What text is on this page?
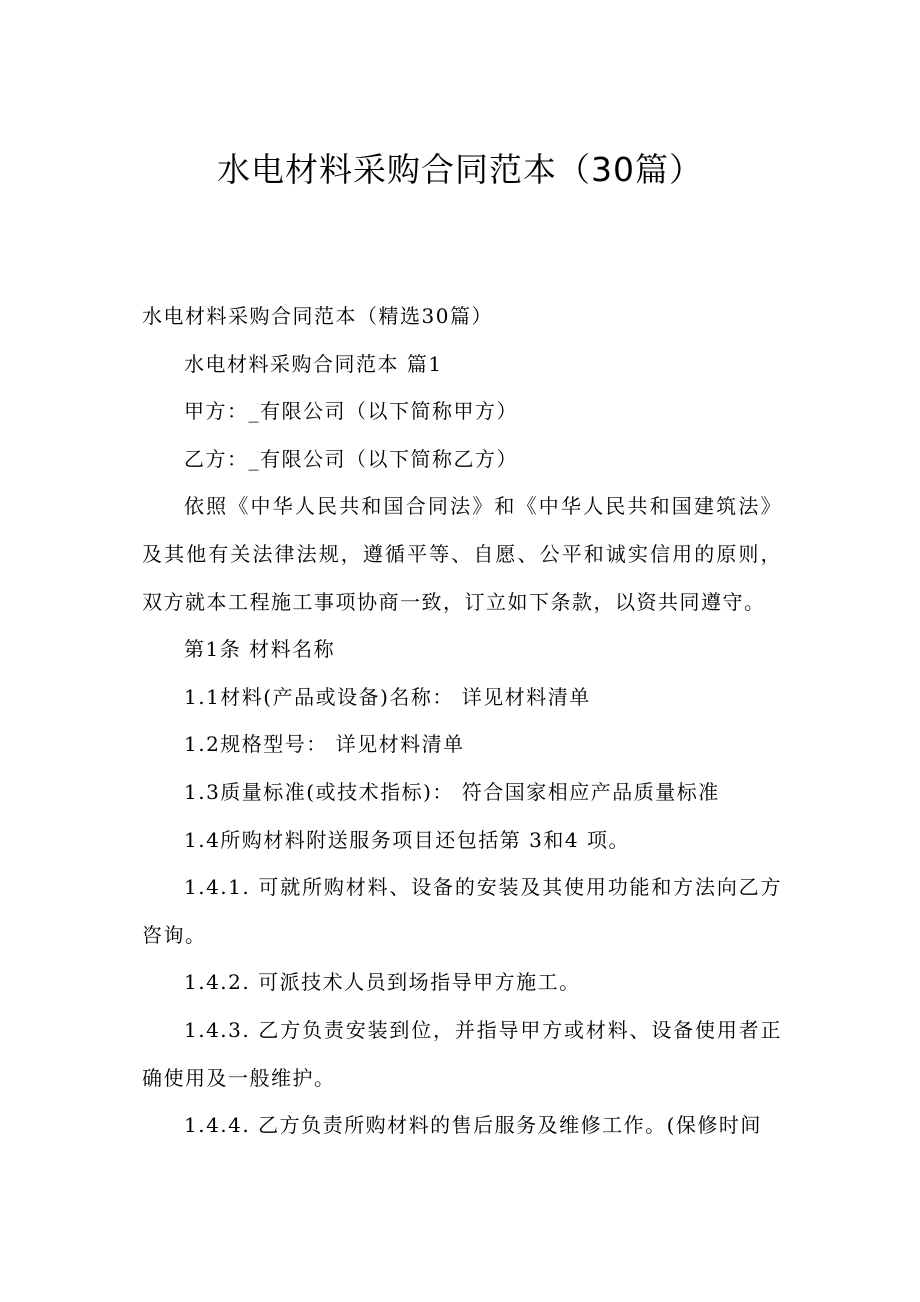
水电材料采购合同范本（30篇）

水电材料采购合同范本（精选30篇）

水电材料采购合同范本 篇1

甲方：_有限公司（以下简称甲方）

乙方：_有限公司（以下简称乙方）

依照《中华人民共和国合同法》和《中华人民共和国建筑法》及其他有关法律法规，遵循平等、自愿、公平和诚实信用的原则，双方就本工程施工事项协商一致，订立如下条款，以资共同遵守。

第1条 材料名称

1.1材料(产品或设备)名称： 详见材料清单

1.2规格型号： 详见材料清单

1.3质量标准(或技术指标)： 符合国家相应产品质量标准

1.4所购材料附送服务项目还包括第 3和4 项。

1.4.1. 可就所购材料、设备的安装及其使用功能和方法向乙方咨询。

1.4.2. 可派技术人员到场指导甲方施工。

1.4.3. 乙方负责安装到位，并指导甲方或材料、设备使用者正确使用及一般维护。

1.4.4. 乙方负责所购材料的售后服务及维修工作。(保修时间
